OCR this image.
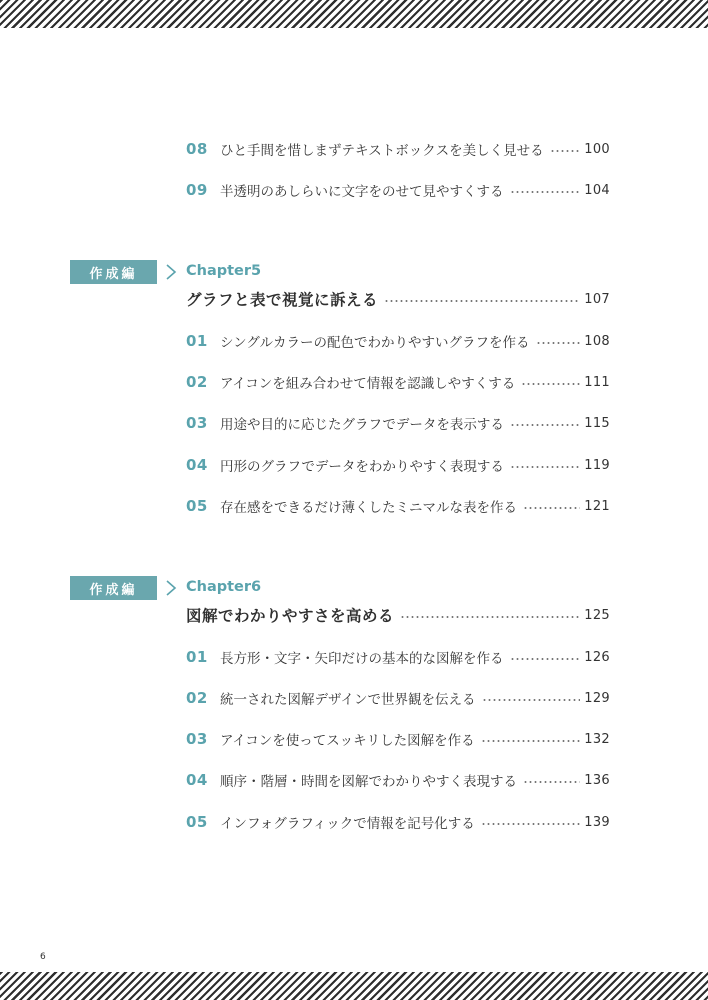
08 ひと手間を惜しまずテキストボックスを美しく見せる	100
09 半透明のあしらいに文字をのせて見やすくする	104
作成編	Chapter5
グラフと表で視覚に訴える	107
01 シングルカラーの配色でわかりやすいグラフを作る	108
02 アイコンを組み合わせて情報を認識しやすくする	111
03 用途や目的に応じたグラフでデータを表示する	115
04 円形のグラフでデータをわかりやすく表現する	119
05 存在感をできるだけ薄くしたミニマルな表を作る	121
作成編	Chapter6
図解でわかりやすさを高める	125
01 長方形・文字・矢印だけの基本的な図解を作る	126
02 統一された図解デザインで世界観を伝える	129
03 アイコンを使ってスッキリした図解を作る	132
04 順序・階層・時間を図解でわかりやすく表現する	136
05 インフォグラフィックで情報を記号化する	139
6
